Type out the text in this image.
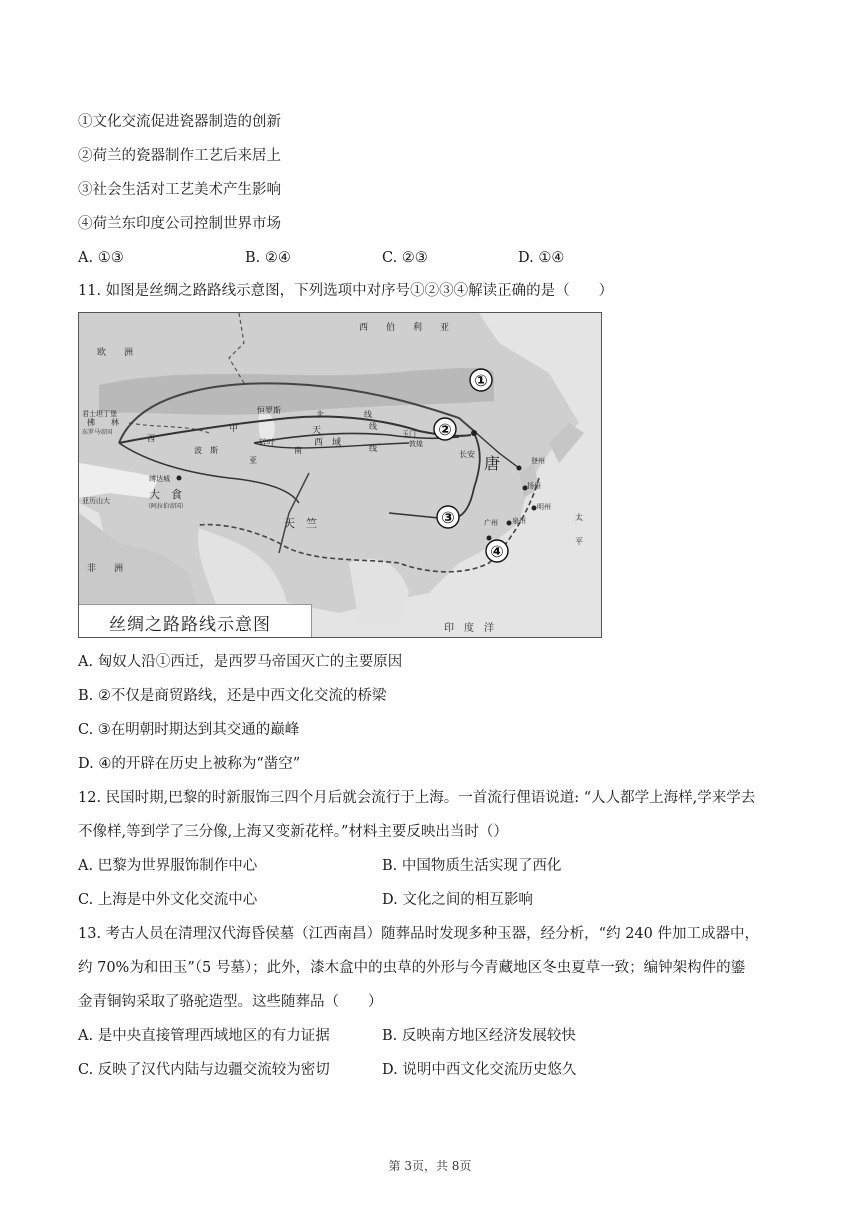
①文化交流促进瓷器制造的创新
②荷兰的瓷器制作工艺后来居上
③社会生活对工艺美术产生影响
④荷兰东印度公司控制世界市场
A. ①③	B. ②④	C. ②③	D. ①④
11. 如图是丝绸之路路线示意图，下列选项中对序号①②③④解读正确的是（　　）
西　　伯　　利　　亚
欧　　洲
恒罗斯	北	线
中	天	线
碎叶	西　域
南	线
玉门
敦煌
长安 唐	登州
扬州
明州
泉州
广州
君士坦丁堡
拂 林
东罗马帝国
西
波　斯
亚
缚达城
大　食
（阿拉伯帝国）
亚历山大
天　竺
非　　洲
太　　平
印　度　洋
①
②
③
④
丝绸之路路线示意图
A. 匈奴人沿①西迁，是西罗马帝国灭亡的主要原因
B. ②不仅是商贸路线，还是中西文化交流的桥梁
C. ③在明朝时期达到其交通的巅峰
D. ④的开辟在历史上被称为“凿空”
12. 民国时期,巴黎的时新服饰三四个月后就会流行于上海。一首流行俚语说道: “人人都学上海样,学来学去
不像样,等到学了三分像,上海又变新花样。”材料主要反映出当时（）
A. 巴黎为世界服饰制作中心	B. 中国物质生活实现了西化
C. 上海是中外文化交流中心	D. 文化之间的相互影响
13. 考古人员在清理汉代海昏侯墓（江西南昌）随葬品时发现多种玉器，经分析，“约 240 件加工成器中，
约 70%为和田玉”（5 号墓）；此外，漆木盒中的虫草的外形与今青藏地区冬虫夏草一致；编钟架构件的鎏
金青铜钩采取了骆驼造型。这些随葬品（　　）
A. 是中央直接管理西域地区的有力证据	B. 反映南方地区经济发展较快
C. 反映了汉代内陆与边疆交流较为密切	D. 说明中西文化交流历史悠久
第 3页，共 8页
